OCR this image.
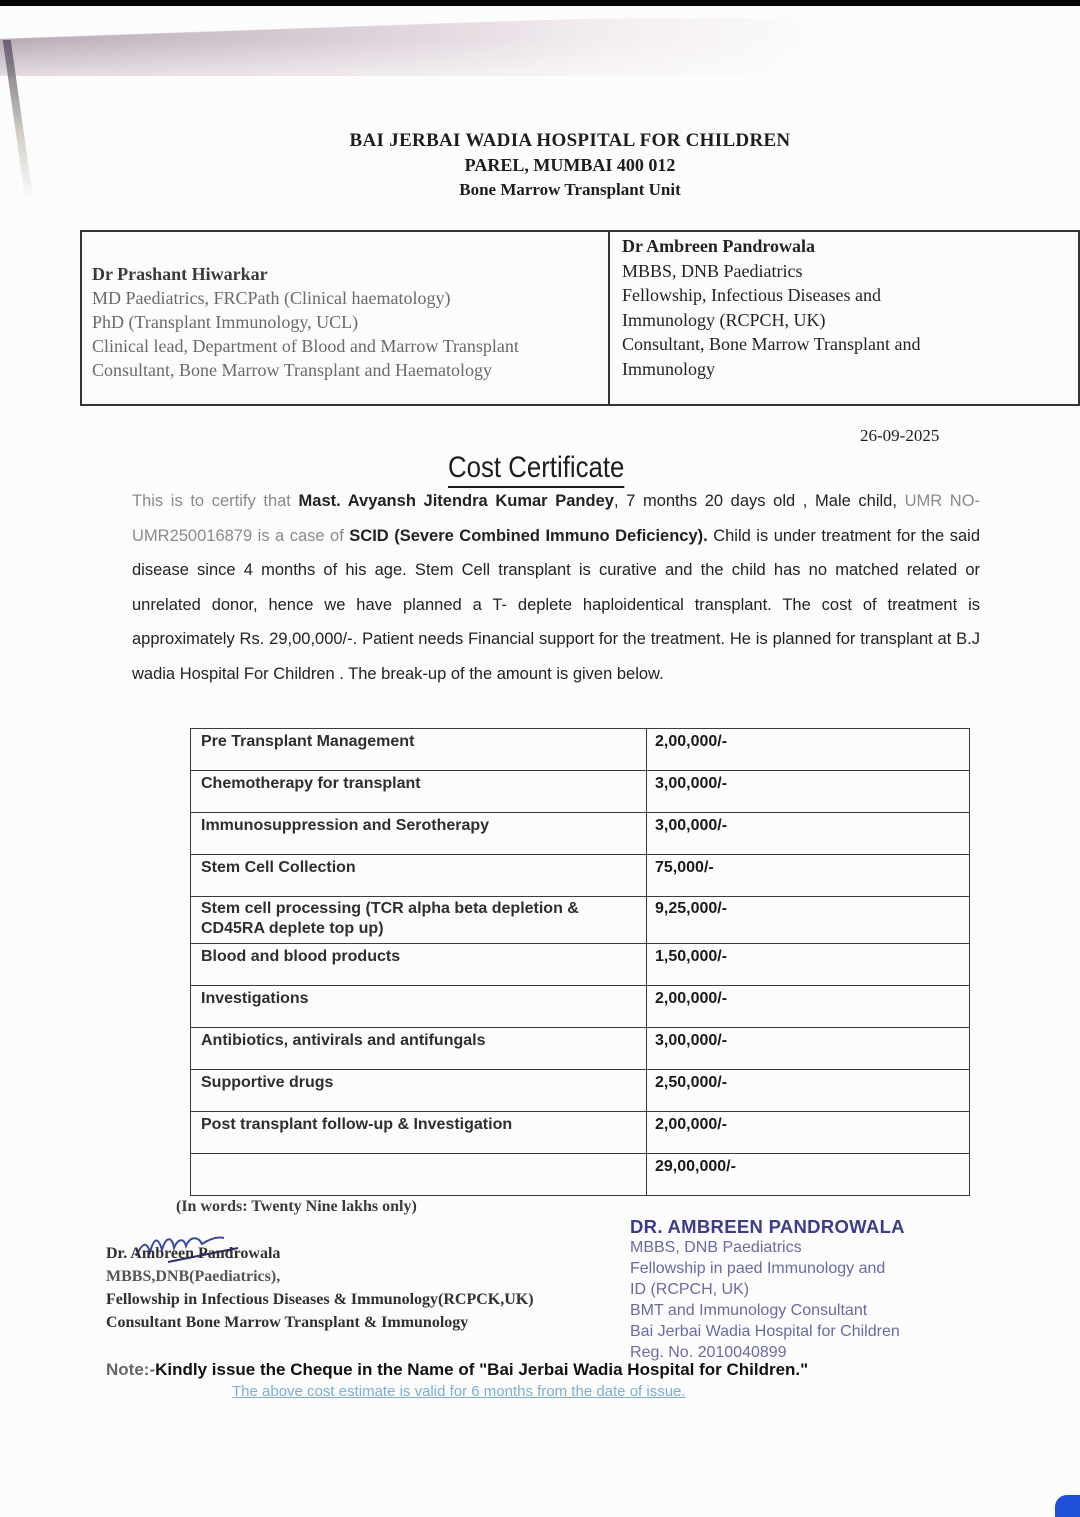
BAI JERBAI WADIA HOSPITAL FOR CHILDREN
PAREL, MUMBAI 400 012
Bone Marrow Transplant Unit
Dr Prashant Hiwarkar
MD Paediatrics, FRCPath (Clinical haematology)
PhD (Transplant Immunology, UCL)
Clinical lead, Department of Blood and Marrow Transplant
Consultant, Bone Marrow Transplant and Haematology
Dr Ambreen Pandrowala
MBBS, DNB Paediatrics
Fellowship, Infectious Diseases and
Immunology (RCPCH, UK)
Consultant, Bone Marrow Transplant and
Immunology
26-09-2025
Cost Certificate
This is to certify that Mast. Avyansh Jitendra Kumar Pandey, 7 months 20 days old , Male child, UMR NO- UMR250016879 is a case of SCID (Severe Combined Immuno Deficiency). Child is under treatment for the said disease since 4 months of his age. Stem Cell transplant is curative and the child has no matched related or unrelated donor, hence we have planned a T- deplete haploidentical transplant. The cost of treatment is approximately Rs. 29,00,000/-. Patient needs Financial support for the treatment. He is planned for transplant at B.J wadia Hospital For Children . The break-up of the amount is given below.
Pre Transplant Management	2,00,000/-
Chemotherapy for transplant	3,00,000/-
Immunosuppression and Serotherapy	3,00,000/-
Stem Cell Collection	75,000/-
Stem cell processing (TCR alpha beta depletion & CD45RA deplete top up)	9,25,000/-
Blood and blood products	1,50,000/-
Investigations	2,00,000/-
Antibiotics, antivirals and antifungals	3,00,000/-
Supportive drugs	2,50,000/-
Post transplant follow-up & Investigation	2,00,000/-
	29,00,000/-
(In words: Twenty Nine lakhs only)
Dr. Ambreen Pandrowala
MBBS,DNB(Paediatrics),
Fellowship in Infectious Diseases & Immunology(RCPCK,UK)
Consultant Bone Marrow Transplant & Immunology
DR. AMBREEN PANDROWALA
MBBS, DNB Paediatrics
Fellowship in paed Immunology and
ID (RCPCH, UK)
BMT and Immunology Consultant
Bai Jerbai Wadia Hospital for Children
Reg. No. 2010040899
Note:-Kindly issue the Cheque in the Name of "Bai Jerbai Wadia Hospital for Children."
The above cost estimate is valid for 6 months from the date of issue.
